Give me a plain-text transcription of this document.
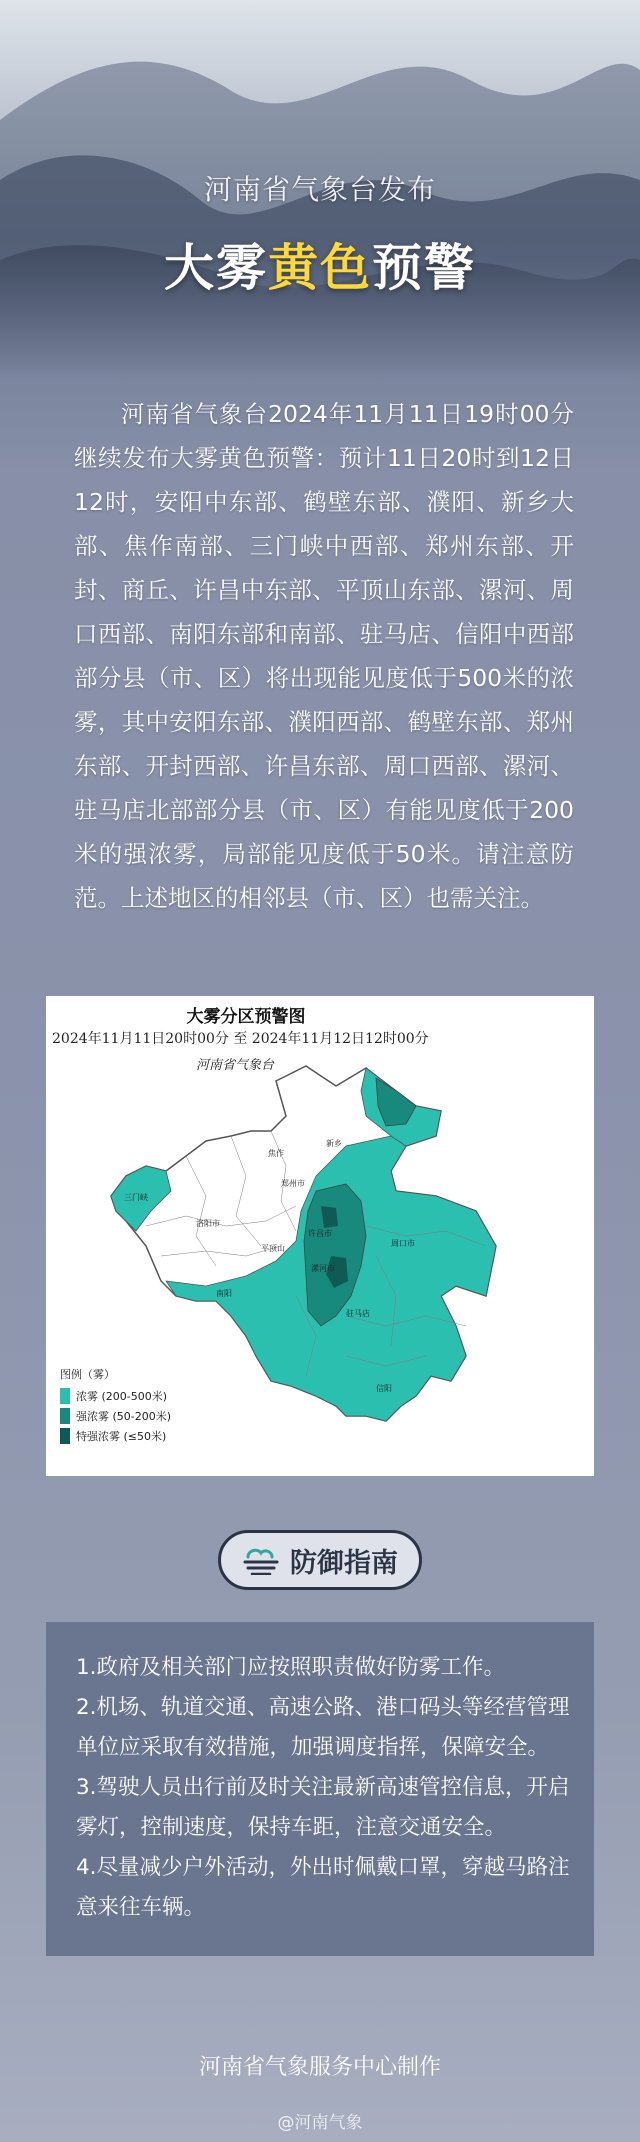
河南省气象台发布
大雾黄色预警
河南省气象台2024年11月11日19时00分继续发布大雾黄色预警：预计11日20时到12日12时，安阳中东部、鹤壁东部、濮阳、新乡大部、焦作南部、三门峡中西部、郑州东部、开封、商丘、许昌中东部、平顶山东部、漯河、周口西部、南阳东部和南部、驻马店、信阳中西部部分县（市、区）将出现能见度低于500米的浓雾，其中安阳东部、濮阳西部、鹤壁东部、郑州东部、开封西部、许昌东部、周口西部、漯河、驻马店北部部分县（市、区）有能见度低于200米的强浓雾，局部能见度低于50米。请注意防范。上述地区的相邻县（市、区）也需关注。
三门峡
洛阳市
郑州市
新乡
焦作
许昌市
漯河市
平顶山
驻马店
南阳
信阳
周口市
大雾分区预警图
2024年11月11日20时00分 至 2024年11月12日12时00分
河南省气象台
图例（雾）
浓雾 (200-500米)
强浓雾 (50-200米)
特强浓雾 (≤50米)
防御指南

1.政府及相关部门应按照职责做好防雾工作。

2.机场、轨道交通、高速公路、港口码头等经营管理单位应采取有效措施，加强调度指挥，保障安全。

3.驾驶人员出行前及时关注最新高速管控信息，开启雾灯，控制速度，保持车距，注意交通安全。

4.尽量减少户外活动，外出时佩戴口罩，穿越马路注意来往车辆。

河南省气象服务中心制作
@河南气象
